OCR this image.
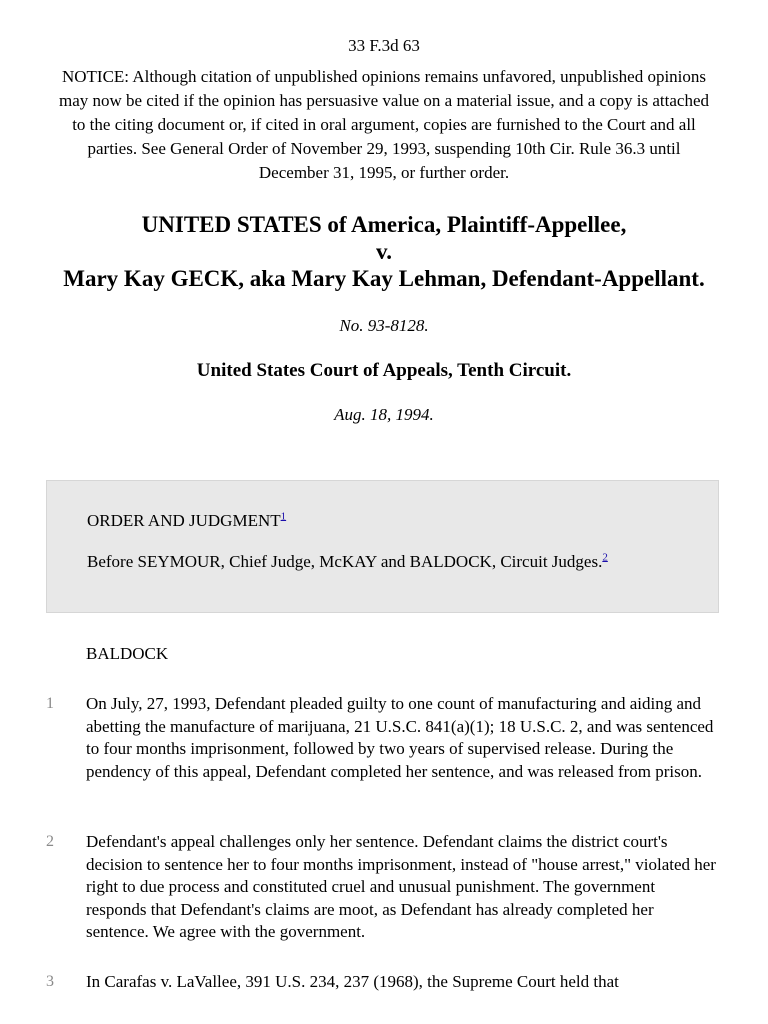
33 F.3d 63
NOTICE: Although citation of unpublished opinions remains unfavored, unpublished opinions may now be cited if the opinion has persuasive value on a material issue, and a copy is attached to the citing document or, if cited in oral argument, copies are furnished to the Court and all parties. See General Order of November 29, 1993, suspending 10th Cir. Rule 36.3 until December 31, 1995, or further order.
UNITED STATES of America, Plaintiff-Appellee,
v.
Mary Kay GECK, aka Mary Kay Lehman, Defendant-Appellant.
No. 93-8128.
United States Court of Appeals, Tenth Circuit.
Aug. 18, 1994.
ORDER AND JUDGMENT$^1$
Before SEYMOUR, Chief Judge, McKAY and BALDOCK, Circuit Judges.$^2$
BALDOCK
1 On July, 27, 1993, Defendant pleaded guilty to one count of manufacturing and aiding and abetting the manufacture of marijuana, 21 U.S.C. 841(a)(1); 18 U.S.C. 2, and was sentenced to four months imprisonment, followed by two years of supervised release. During the pendency of this appeal, Defendant completed her sentence, and was released from prison.
2 Defendant's appeal challenges only her sentence. Defendant claims the district court's decision to sentence her to four months imprisonment, instead of "house arrest," violated her right to due process and constituted cruel and unusual punishment. The government responds that Defendant's claims are moot, as Defendant has already completed her sentence. We agree with the government.
3 In Carafas v. LaVallee, 391 U.S. 234, 237 (1968), the Supreme Court held that
